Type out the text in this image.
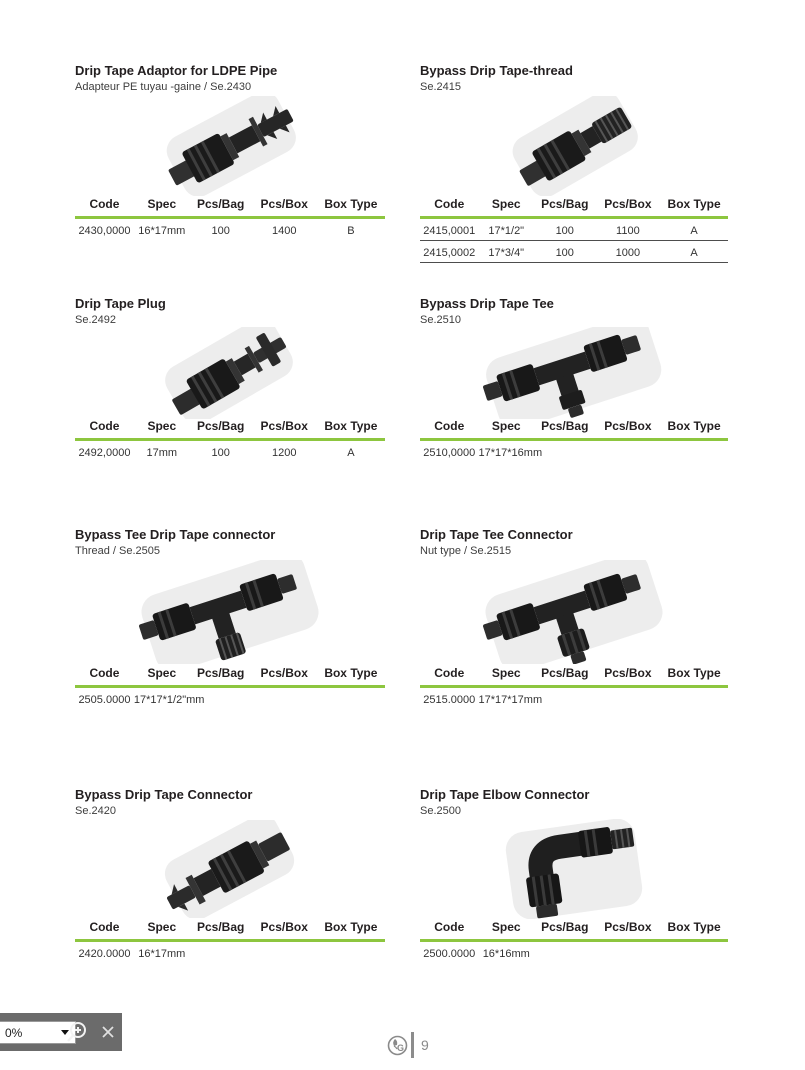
Drip Tape Adaptor for LDPE Pipe
Adapteur PE tuyau -gaine / Se.2430
Code	Spec	Pcs/Bag	Pcs/Box	Box Type
2430,0000 16*17mm	100	1400	B
Bypass Drip Tape-thread
Se.2415
Code	Spec	Pcs/Bag	Pcs/Box	Box Type
2415,0001	17*1/2"	100	1100	A
2415,0002	17*3/4"	100	1000	A
Drip Tape Plug
Se.2492
Code	Spec	Pcs/Bag	Pcs/Box	Box Type
2492,0000	17mm	100	1200	A
Bypass Drip Tape Tee
Se.2510
Code	Spec	Pcs/Bag	Pcs/Box	Box Type
2510,0000 17*17*16mm
Bypass Tee Drip Tape connector
Thread / Se.2505
Code	Spec	Pcs/Bag	Pcs/Box	Box Type
2505.0000 17*17*1/2"mm
Drip Tape Tee Connector
Nut type / Se.2515
Code	Spec	Pcs/Bag	Pcs/Box	Box Type
2515.0000 17*17*17mm
Bypass Drip Tape Connector
Se.2420
Code	Spec	Pcs/Bag	Pcs/Box	Box Type
2420.0000 16*17mm
Drip Tape Elbow Connector
Se.2500
Code	Spec	Pcs/Bag	Pcs/Box	Box Type
2500.0000 16*16mm
G 9
0%
